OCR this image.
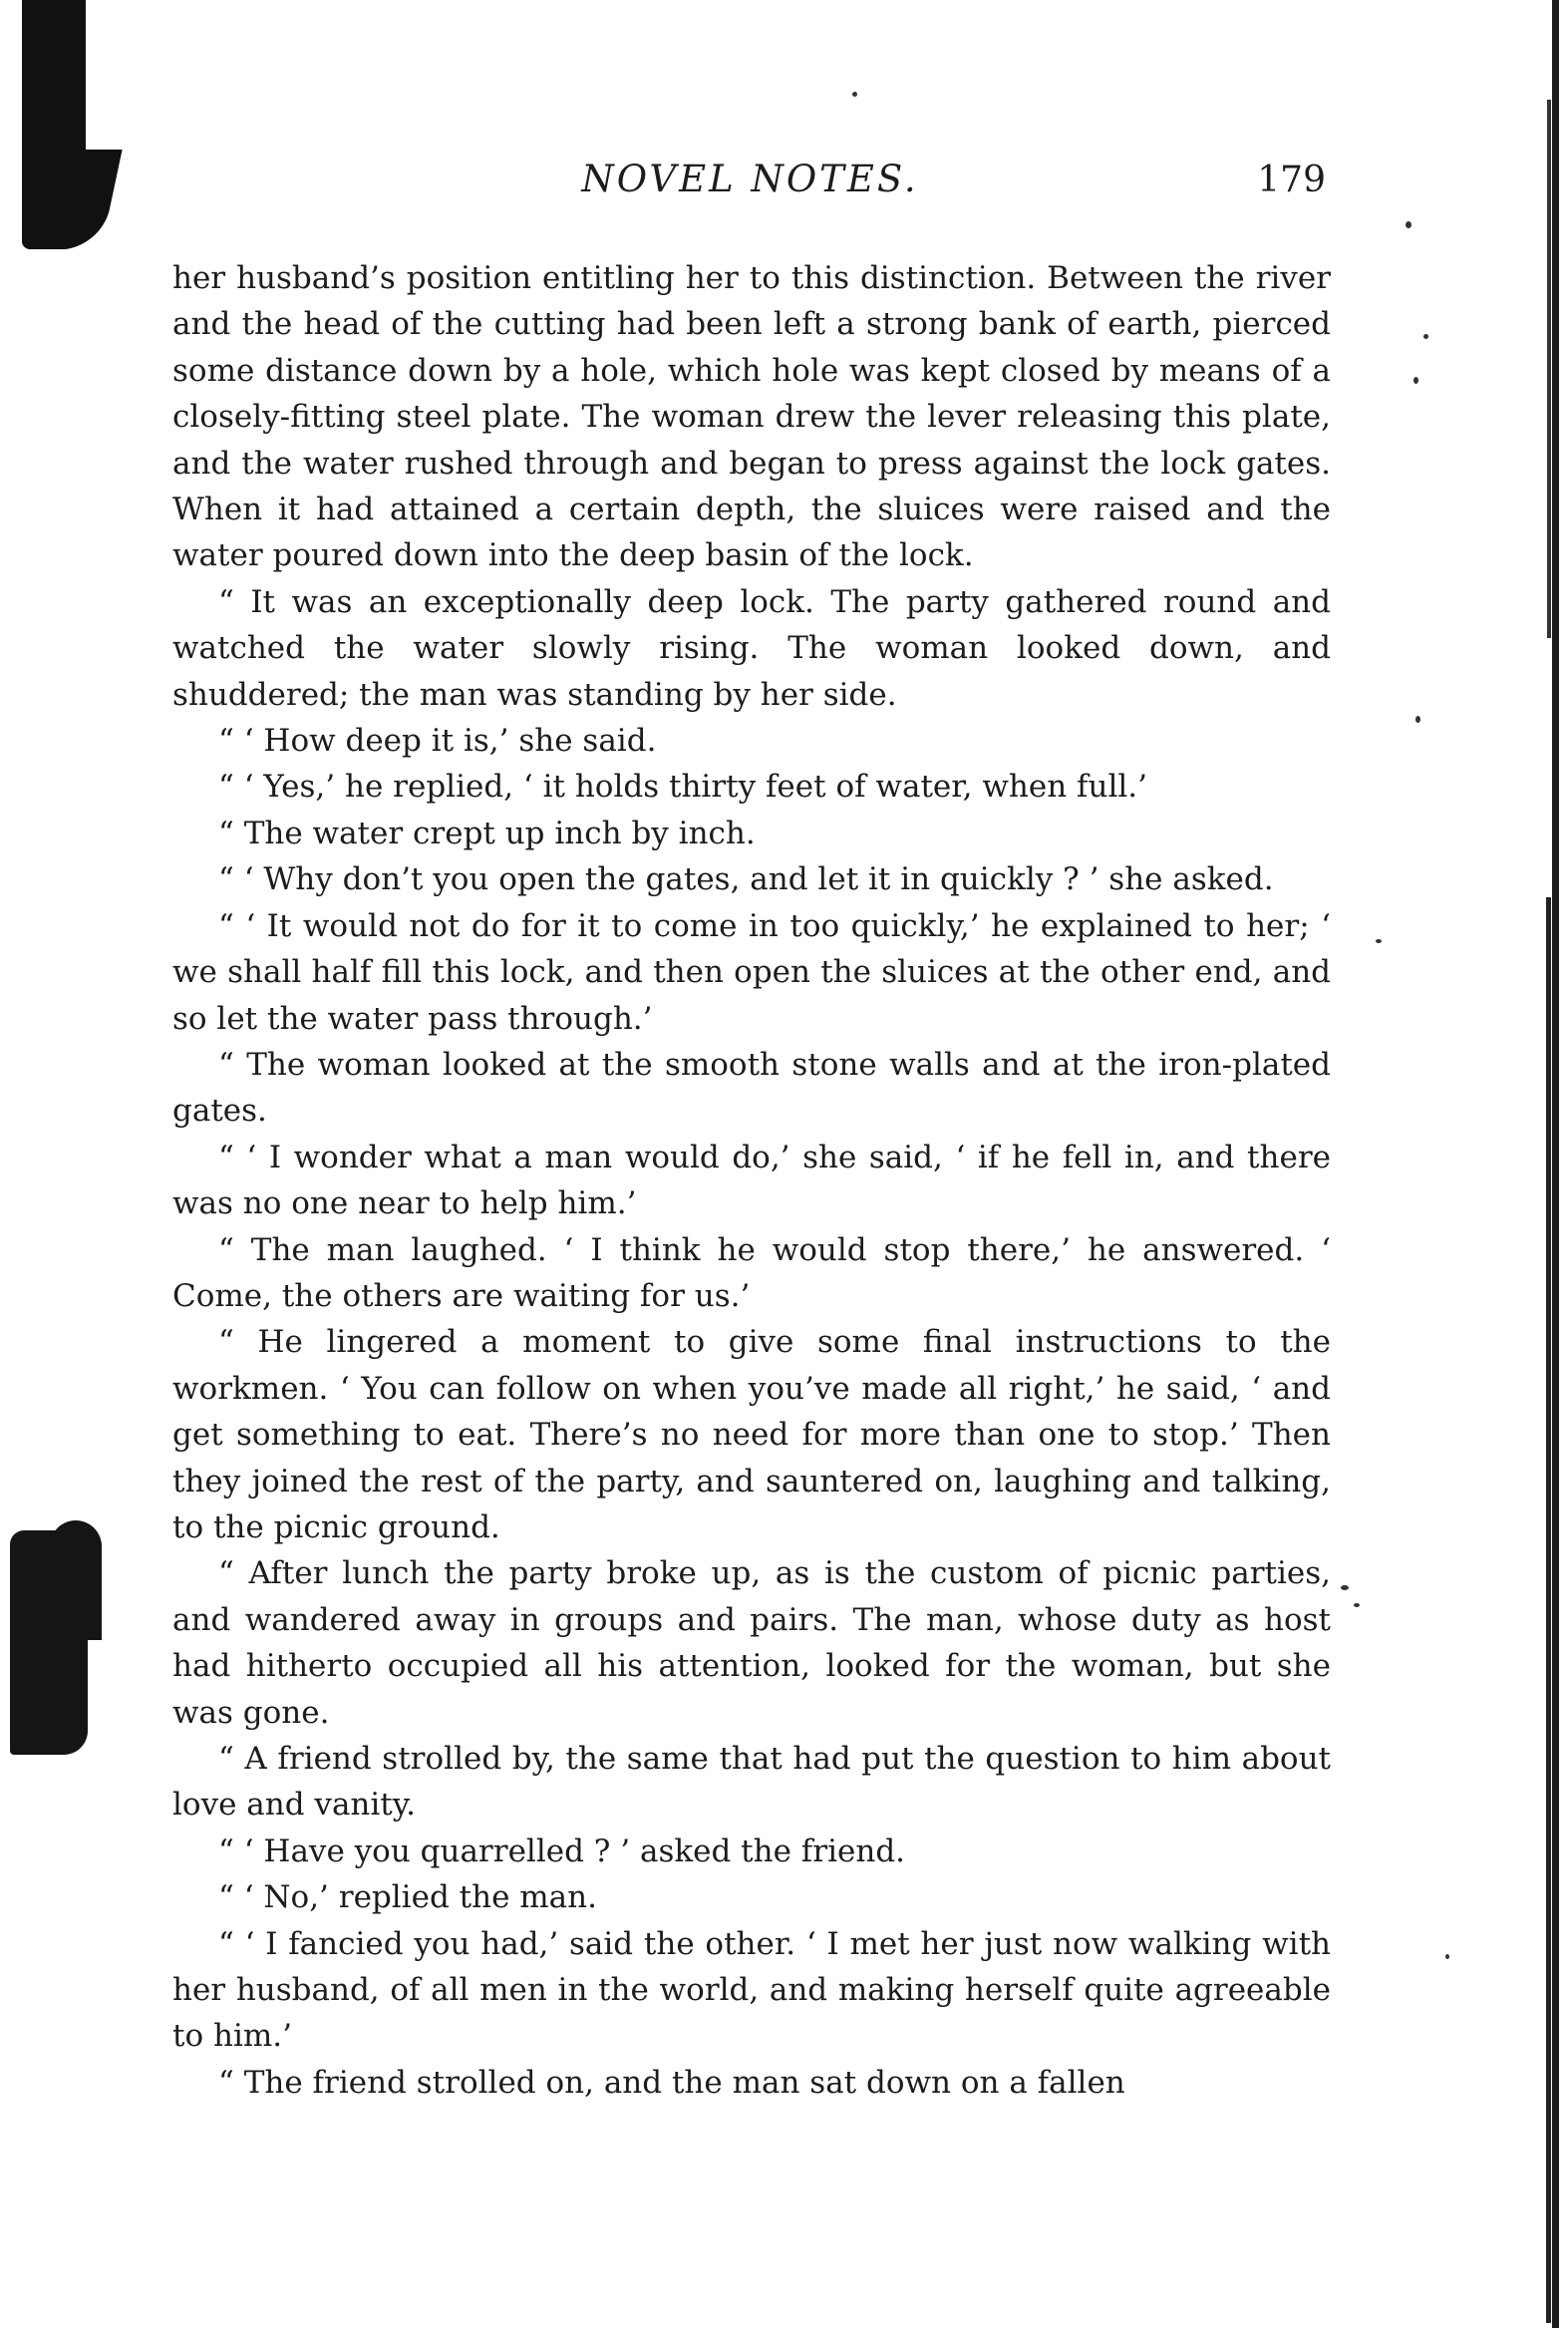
NOVEL NOTES.	179

her husband’s position entitling her to this distinction. Between the river and the head of the cutting had been left a strong bank of earth, pierced some distance down by a hole, which hole was kept closed by means of a closely-fitting steel plate. The woman drew the lever releasing this plate, and the water rushed through and began to press against the lock gates. When it had attained a certain depth, the sluices were raised and the water poured down into the deep basin of the lock.

“ It was an exceptionally deep lock. The party gathered round and watched the water slowly rising. The woman looked down, and shuddered; the man was standing by her side.

“ ‘ How deep it is,’ she said.

“ ‘ Yes,’ he replied, ‘ it holds thirty feet of water, when full.’

“ The water crept up inch by inch.

“ ‘ Why don’t you open the gates, and let it in quickly ? ’ she asked.

“ ‘ It would not do for it to come in too quickly,’ he explained to her; ‘ we shall half fill this lock, and then open the sluices at the other end, and so let the water pass through.’

“ The woman looked at the smooth stone walls and at the iron-plated gates.

“ ‘ I wonder what a man would do,’ she said, ‘ if he fell in, and there was no one near to help him.’

“ The man laughed. ‘ I think he would stop there,’ he answered. ‘ Come, the others are waiting for us.’

“ He lingered a moment to give some final instructions to the workmen. ‘ You can follow on when you’ve made all right,’ he said, ‘ and get something to eat. There’s no need for more than one to stop.’ Then they joined the rest of the party, and sauntered on, laughing and talking, to the picnic ground.

“ After lunch the party broke up, as is the custom of picnic parties, and wandered away in groups and pairs. The man, whose duty as host had hitherto occupied all his attention, looked for the woman, but she was gone.

“ A friend strolled by, the same that had put the question to him about love and vanity.

“ ‘ Have you quarrelled ? ’ asked the friend.

“ ‘ No,’ replied the man.

“ ‘ I fancied you had,’ said the other. ‘ I met her just now walking with her husband, of all men in the world, and making herself quite agreeable to him.’

“ The friend strolled on, and the man sat down on a fallen
